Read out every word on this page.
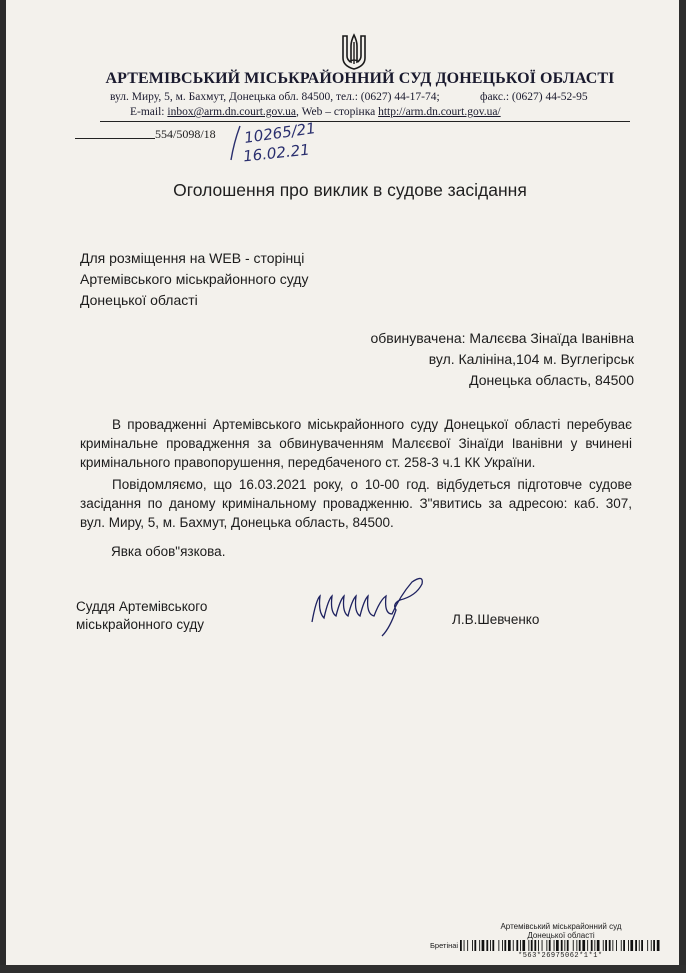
АРТЕМІВСЬКИЙ МІСЬКРАЙОННИЙ СУД ДОНЕЦЬКОЇ ОБЛАСТІ
вул. Миру, 5, м. Бахмут, Донецька обл. 84500, тел.: (0627) 44-17-74;	факс.: (0627) 44-52-95
E-mail: inbox@arm.dn.court.gov.ua, Web – сторінка http://arm.dn.court.gov.ua/
554/5098/18 10265/21
16.02.21
Оголошення про виклик в судове засідання
Для розміщення на WEB - сторінці
Артемівського міськрайонного суду
Донецької області
обвинувачена: Малєєва Зінаїда Іванівна
вул. Калініна,104 м. Вуглегірськ
Донецька область, 84500

В провадженні Артемівського міськрайонного суду Донецької області перебуває кримінальне провадження за обвинуваченням Малєєвої Зінаїди Іванівни у вчинені кримінального правопорушення, передбаченого ст. 258-3 ч.1 КК України.

Повідомляємо, що 16.03.2021 року, о 10-00 год. відбудеться підготовче судове засідання по даному кримінальному провадженню. З"явитись за адресою: каб. 307, вул. Миру, 5, м. Бахмут, Донецька область, 84500.

Явка обов"язкова.
Суддя Артемівського
міськрайонного суду	Л.В.Шевченко
Артемівський міськрайонний суд
Донецької області
Бретінаі
*563*26975062*1*1*
